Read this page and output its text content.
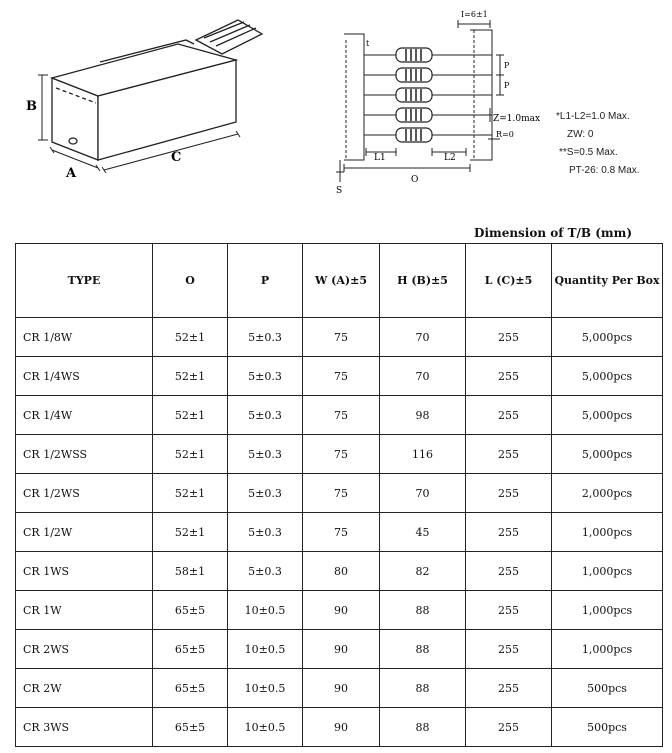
B
A
C
I=6±1
t
P
P
Z=1.0max
R=0
L1	L2
O
S
*L1-L2=1.0 Max.
ZW: 0
**S=0.5 Max.
PT-26: 0.8 Max.
Dimension of T/B (mm)
TYPE	O	P	W (A)±5	H (B)±5	L (C)±5	Quantity Per Box
CR 1/8W	52±1	5±0.3	75	70	255	5,000pcs
CR 1/4WS	52±1	5±0.3	75	70	255	5,000pcs
CR 1/4W	52±1	5±0.3	75	98	255	5,000pcs
CR 1/2WSS	52±1	5±0.3	75	116	255	5,000pcs
CR 1/2WS	52±1	5±0.3	75	70	255	2,000pcs
CR 1/2W	52±1	5±0.3	75	45	255	1,000pcs
CR 1WS	58±1	5±0.3	80	82	255	1,000pcs
CR 1W	65±5	10±0.5	90	88	255	1,000pcs
CR 2WS	65±5	10±0.5	90	88	255	1,000pcs
CR 2W	65±5	10±0.5	90	88	255	500pcs
CR 3WS	65±5	10±0.5	90	88	255	500pcs
